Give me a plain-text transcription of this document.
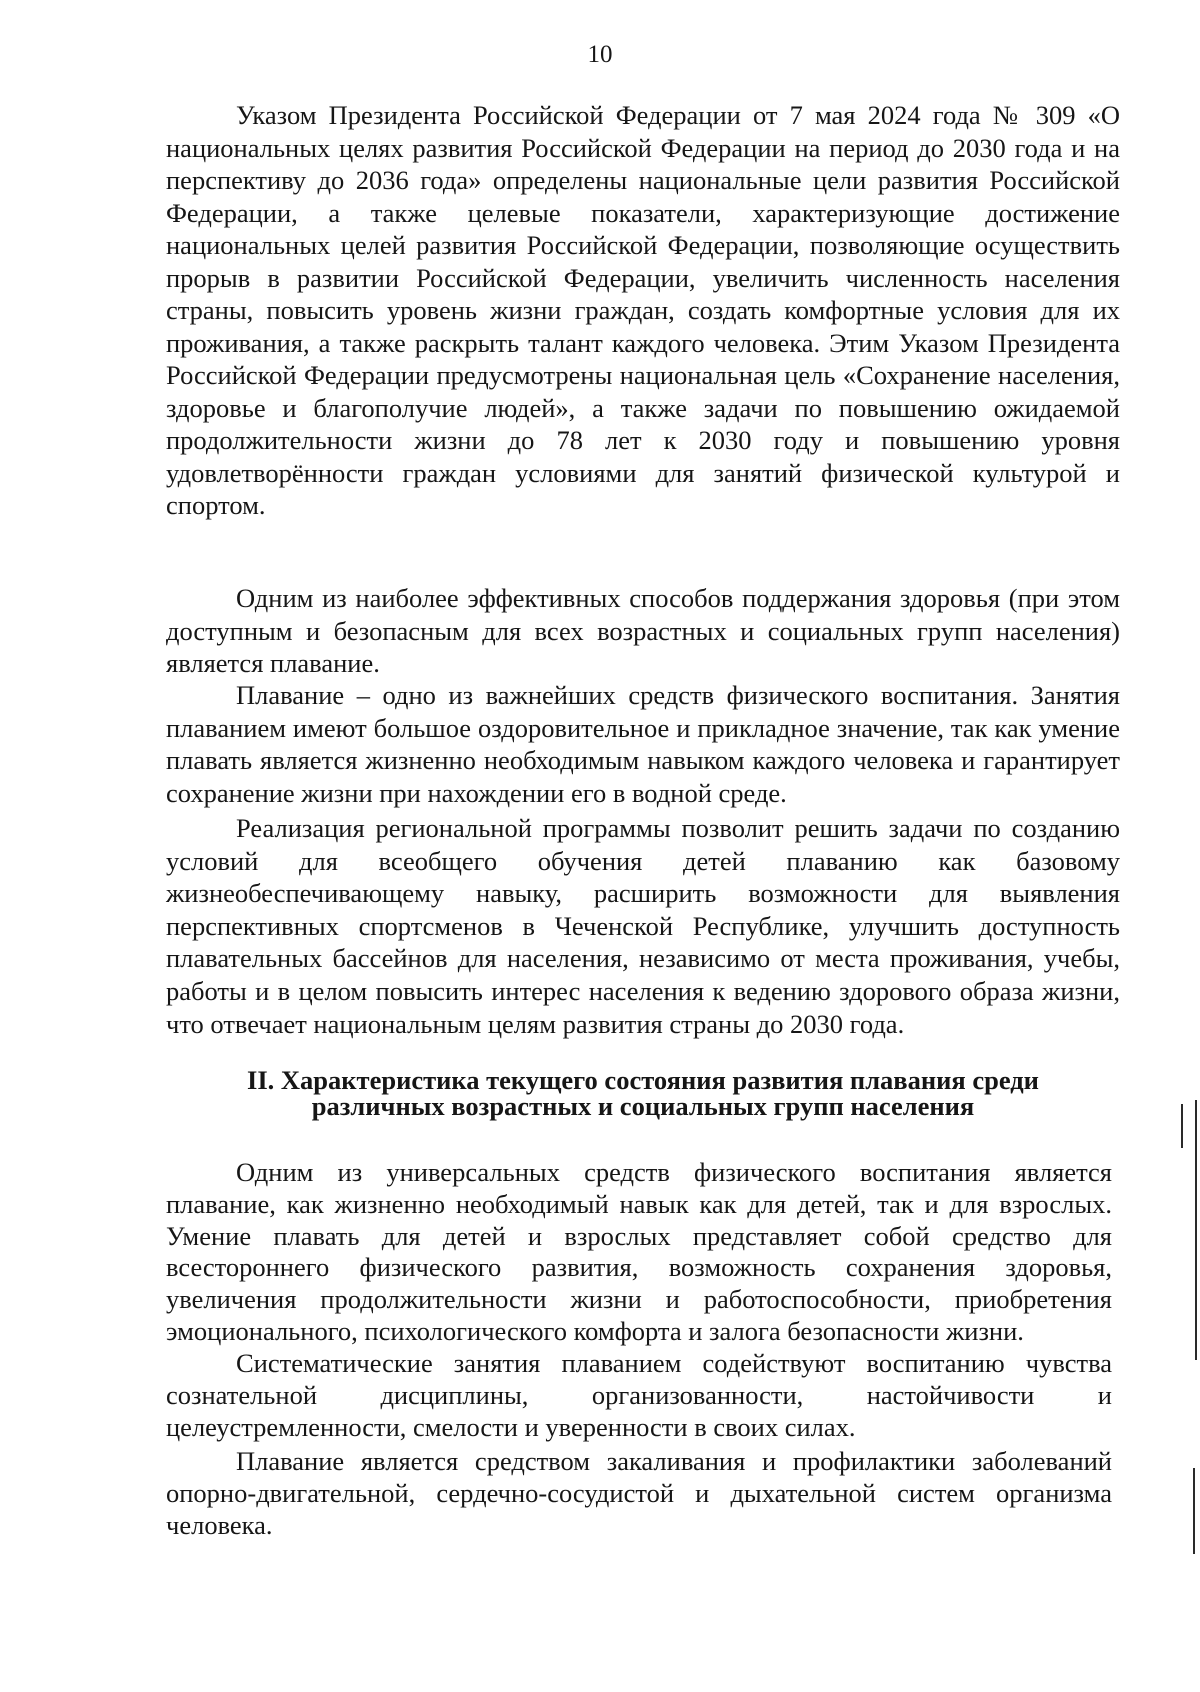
10

Указом Президента Российской Федерации от 7 мая 2024 года № 309 «О национальных целях развития Российской Федерации на период до 2030 года и на перспективу до 2036 года» определены национальные цели развития Российской Федерации, а также целевые показатели, характеризующие достижение национальных целей развития Российской Федерации, позволяющие осуществить прорыв в развитии Российской Федерации, увеличить численность населения страны, повысить уровень жизни граждан, создать комфортные условия для их проживания, а также раскрыть талант каждого человека. Этим Указом Президента Российской Федерации предусмотрены национальная цель «Сохранение населения, здоровье и благополучие людей», а также задачи по повышению ожидаемой продолжительности жизни до 78 лет к 2030 году и повышению уровня удовлетворённости граждан условиями для занятий физической культурой и спортом.

Одним из наиболее эффективных способов поддержания здоровья (при этом доступным и безопасным для всех возрастных и социальных групп населения) является плавание.

Плавание – одно из важнейших средств физического воспитания. Занятия плаванием имеют большое оздоровительное и прикладное значение, так как умение плавать является жизненно необходимым навыком каждого человека и гарантирует сохранение жизни при нахождении его в водной среде.

Реализация региональной программы позволит решить задачи по созданию условий для всеобщего обучения детей плаванию как базовому жизнеобеспечивающему навыку, расширить возможности для выявления перспективных спортсменов в Чеченской Республике, улучшить доступность плавательных бассейнов для населения, независимо от места проживания, учебы, работы и в целом повысить интерес населения к ведению здорового образа жизни, что отвечает национальным целям развития страны до 2030 года.

II. Характеристика текущего состояния развития плавания среди
различных возрастных и социальных групп населения

Одним из универсальных средств физического воспитания является плавание, как жизненно необходимый навык как для детей, так и для взрослых. Умение плавать для детей и взрослых представляет собой средство для всестороннего физического развития, возможность сохранения здоровья, увеличения продолжительности жизни и работоспособности, приобретения эмоционального, психологического комфорта и залога безопасности жизни.

Систематические занятия плаванием содействуют воспитанию чувства сознательной дисциплины, организованности, настойчивости и целеустремленности, смелости и уверенности в своих силах.

Плавание является средством закаливания и профилактики заболеваний опорно-двигательной, сердечно-сосудистой и дыхательной систем организма человека.
